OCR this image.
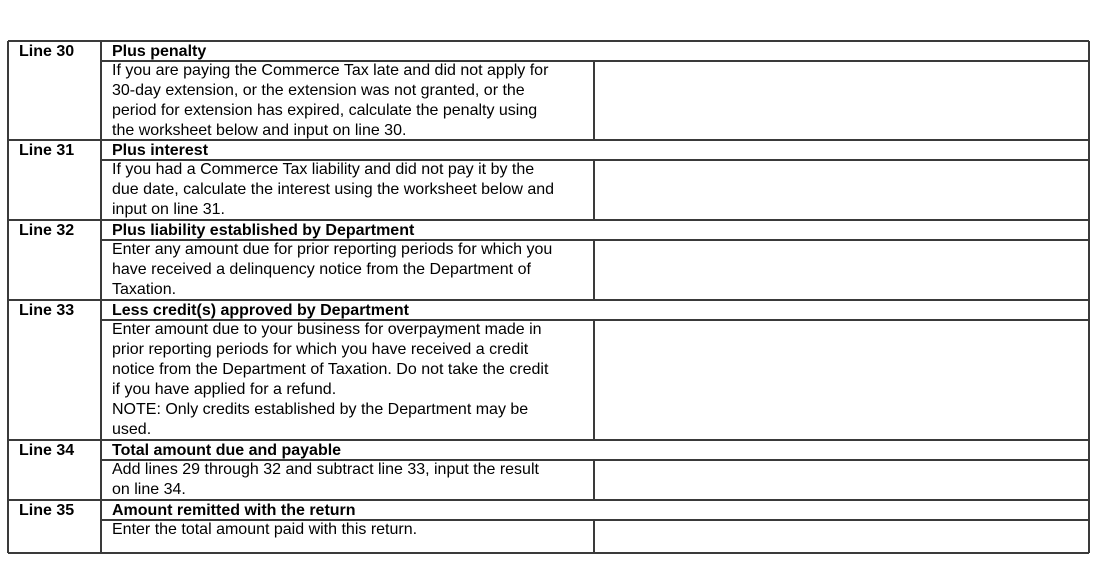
Line 30	Plus penalty
If you are paying the Commerce Tax late and did not apply for
30-day extension, or the extension was not granted, or the
period for extension has expired, calculate the penalty using
the worksheet below and input on line 30.
Line 31	Plus interest
If you had a Commerce Tax liability and did not pay it by the
due date, calculate the interest using the worksheet below and
input on line 31.
Line 32	Plus liability established by Department
Enter any amount due for prior reporting periods for which you
have received a delinquency notice from the Department of
Taxation.
Line 33	Less credit(s) approved by Department
Enter amount due to your business for overpayment made in
prior reporting periods for which you have received a credit
notice from the Department of Taxation. Do not take the credit
if you have applied for a refund.
NOTE: Only credits established by the Department may be
used.
Line 34	Total amount due and payable
Add lines 29 through 32 and subtract line 33, input the result
on line 34.
Line 35	Amount remitted with the return
Enter the total amount paid with this return.
